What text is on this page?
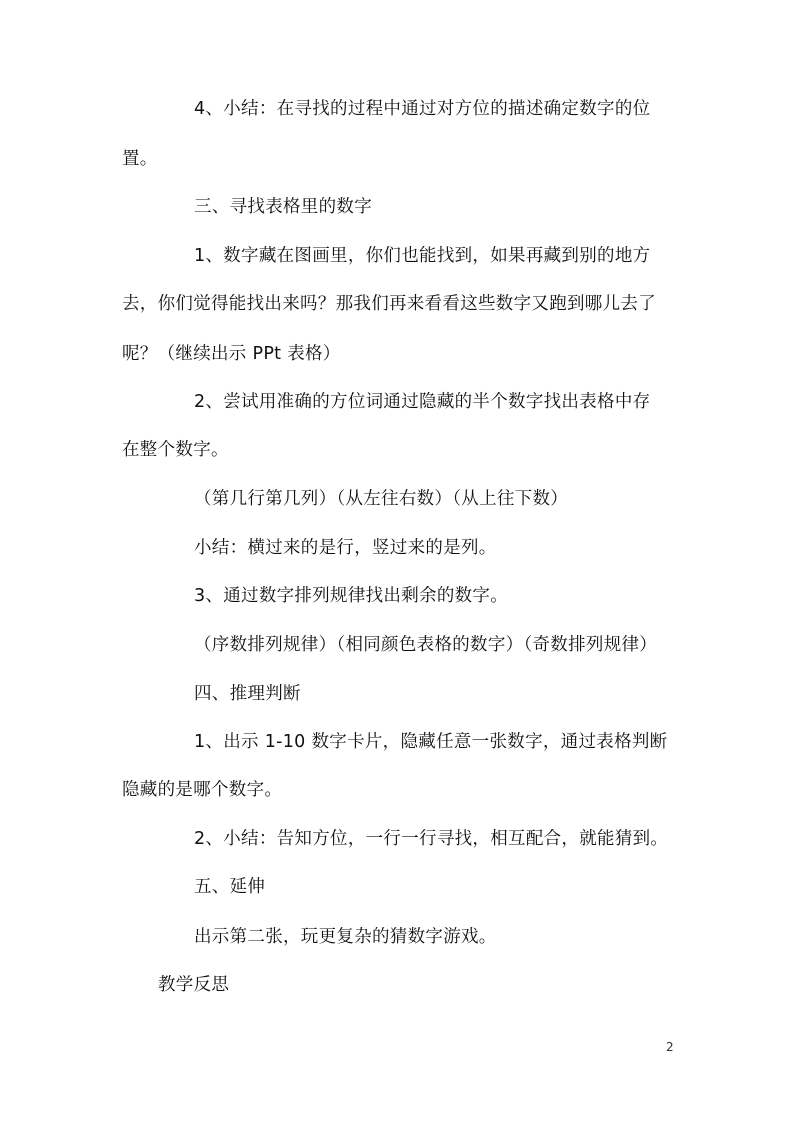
4、小结：在寻找的过程中通过对方位的描述确定数字的位
置。
三、寻找表格里的数字
1、数字藏在图画里，你们也能找到，如果再藏到别的地方
去，你们觉得能找出来吗？那我们再来看看这些数字又跑到哪儿去了
呢？（继续出示 PPt 表格）
2、尝试用准确的方位词通过隐藏的半个数字找出表格中存
在整个数字。
（第几行第几列）（从左往右数）（从上往下数）
小结：横过来的是行，竖过来的是列。
3、通过数字排列规律找出剩余的数字。
（序数排列规律）（相同颜色表格的数字）（奇数排列规律）
四、推理判断
1、出示 1-10 数字卡片，隐藏任意一张数字，通过表格判断
隐藏的是哪个数字。
2、小结：告知方位，一行一行寻找，相互配合，就能猜到。
五、延伸
出示第二张，玩更复杂的猜数字游戏。
教学反思
2
